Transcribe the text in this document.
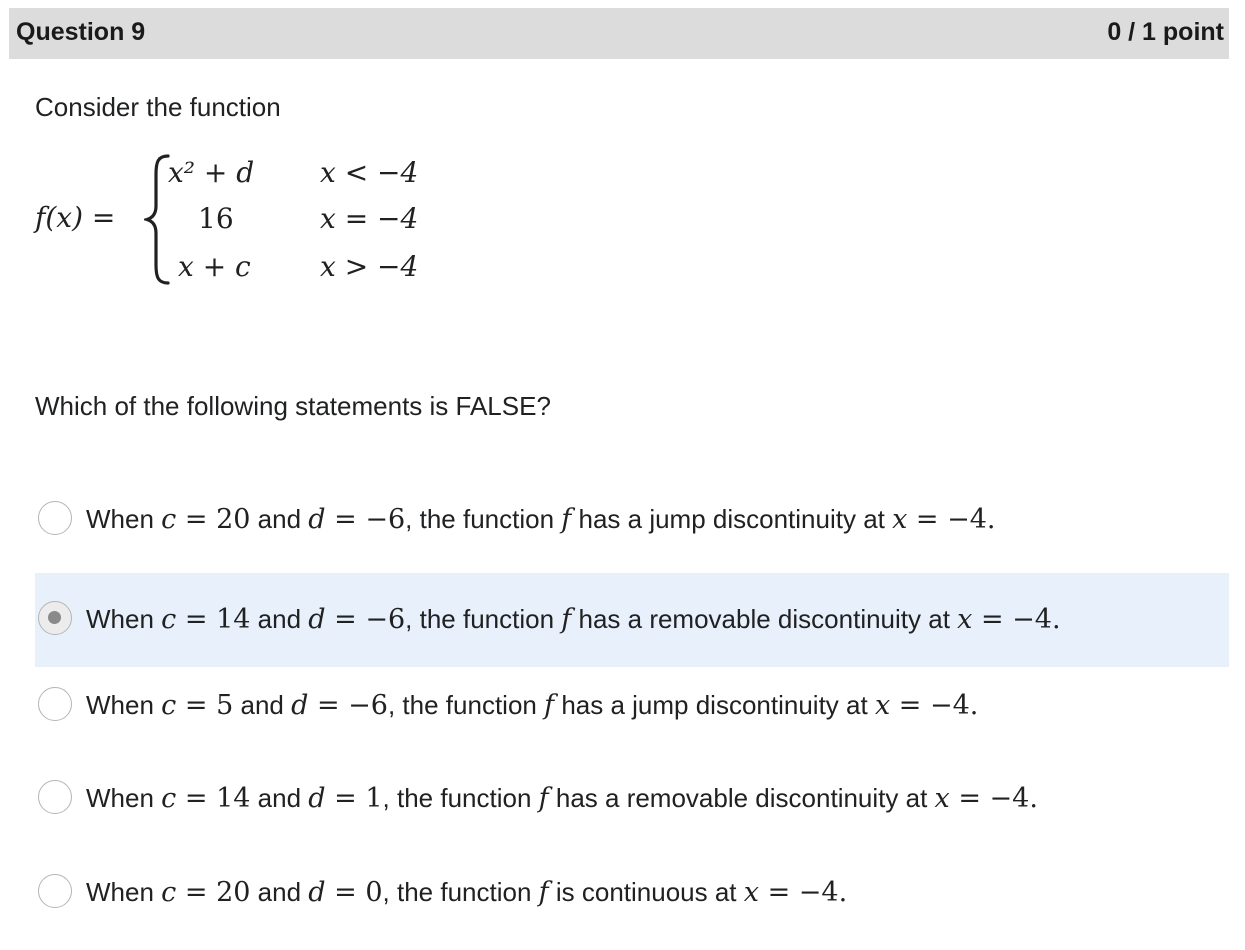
Question 9	0 / 1 point
Consider the function
f(x) =
x² + d x < −4
16	x = −4
x + c x > −4
Which of the following statements is FALSE?
When c = 20 and d = −6, the function f has a jump discontinuity at x = −4.
When c = 14 and d = −6, the function f has a removable discontinuity at x = −4.
When c = 5 and d = −6, the function f has a jump discontinuity at x = −4.
When c = 14 and d = 1, the function f has a removable discontinuity at x = −4.
When c = 20 and d = 0, the function f is continuous at x = −4.
